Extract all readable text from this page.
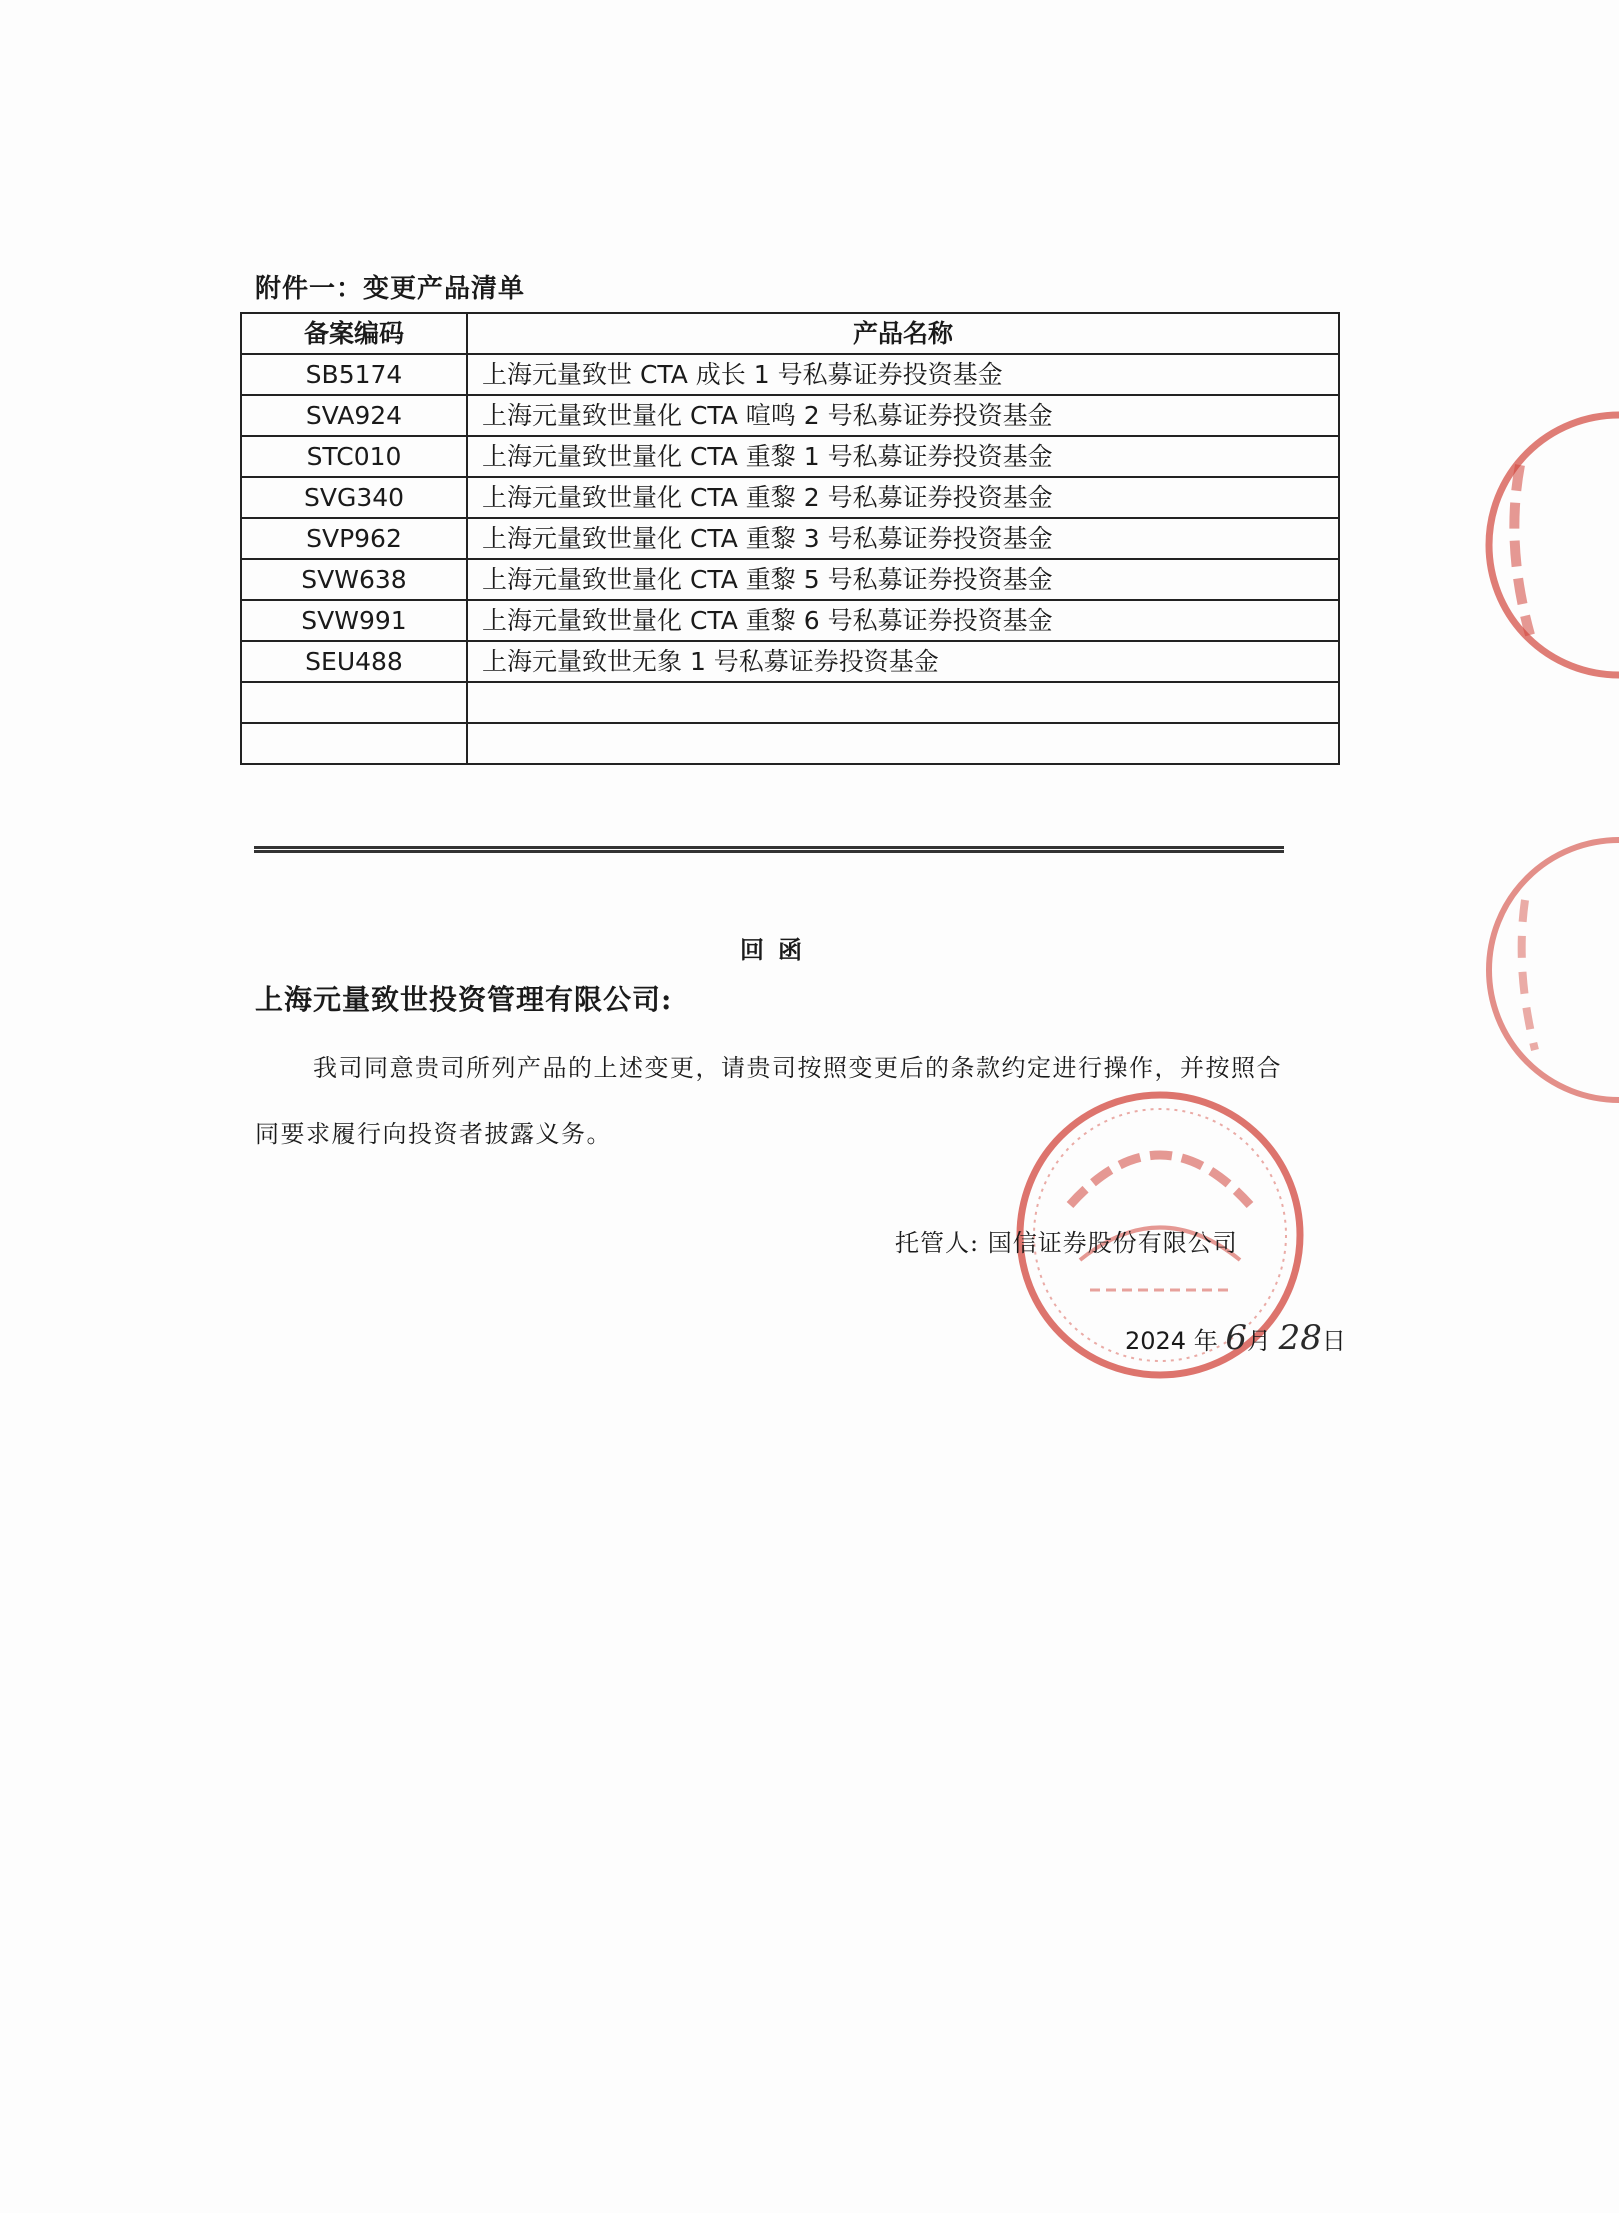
附件一：变更产品清单
备案编码	产品名称
SB5174	上海元量致世 CTA 成长 1 号私募证券投资基金
SVA924	上海元量致世量化 CTA 喧鸣 2 号私募证券投资基金
STC010	上海元量致世量化 CTA 重黎 1 号私募证券投资基金
SVG340	上海元量致世量化 CTA 重黎 2 号私募证券投资基金
SVP962	上海元量致世量化 CTA 重黎 3 号私募证券投资基金
SVW638	上海元量致世量化 CTA 重黎 5 号私募证券投资基金
SVW991	上海元量致世量化 CTA 重黎 6 号私募证券投资基金
SEU488	上海元量致世无象 1 号私募证券投资基金

回函
上海元量致世投资管理有限公司:
我司同意贵司所列产品的上述变更，请贵司按照变更后的条款约定进行操作，并按照合同要求履行向投资者披露义务。
托管人: 国信证券股份有限公司
2024 年 6月 28日
